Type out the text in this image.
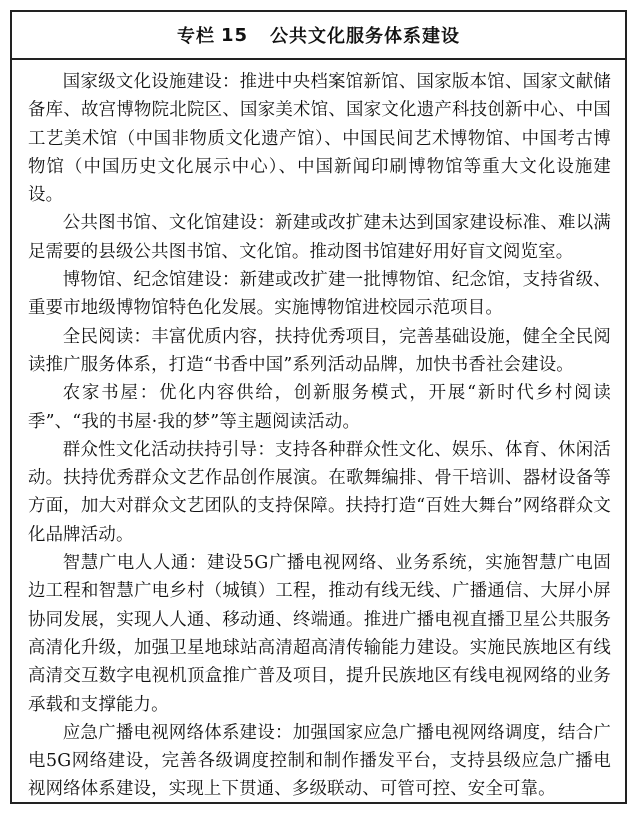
专栏 15 公共文化服务体系建设

国家级文化设施建设：推进中央档案馆新馆、国家版本馆、国家文献储备库、故宫博物院北院区、国家美术馆、国家文化遗产科技创新中心、中国工艺美术馆（中国非物质文化遗产馆）、中国民间艺术博物馆、中国考古博物馆（中国历史文化展示中心）、中国新闻印刷博物馆等重大文化设施建设。

公共图书馆、文化馆建设：新建或改扩建未达到国家建设标准、难以满足需要的县级公共图书馆、文化馆。推动图书馆建好用好盲文阅览室。

博物馆、纪念馆建设：新建或改扩建一批博物馆、纪念馆，支持省级、重要市地级博物馆特色化发展。实施博物馆进校园示范项目。

全民阅读：丰富优质内容，扶持优秀项目，完善基础设施，健全全民阅读推广服务体系，打造“书香中国”系列活动品牌，加快书香社会建设。

农家书屋：优化内容供给，创新服务模式，开展“新时代乡村阅读季”、“我的书屋·我的梦”等主题阅读活动。

群众性文化活动扶持引导：支持各种群众性文化、娱乐、体育、休闲活动。扶持优秀群众文艺作品创作展演。在歌舞编排、骨干培训、器材设备等方面，加大对群众文艺团队的支持保障。扶持打造“百姓大舞台”网络群众文化品牌活动。

智慧广电人人通：建设5G广播电视网络、业务系统，实施智慧广电固边工程和智慧广电乡村（城镇）工程，推动有线无线、广播通信、大屏小屏协同发展，实现人人通、移动通、终端通。推进广播电视直播卫星公共服务高清化升级，加强卫星地球站高清超高清传输能力建设。实施民族地区有线高清交互数字电视机顶盒推广普及项目，提升民族地区有线电视网络的业务承载和支撑能力。

应急广播电视网络体系建设：加强国家应急广播电视网络调度，结合广电5G网络建设，完善各级调度控制和制作播发平台，支持县级应急广播电视网络体系建设，实现上下贯通、多级联动、可管可控、安全可靠。
